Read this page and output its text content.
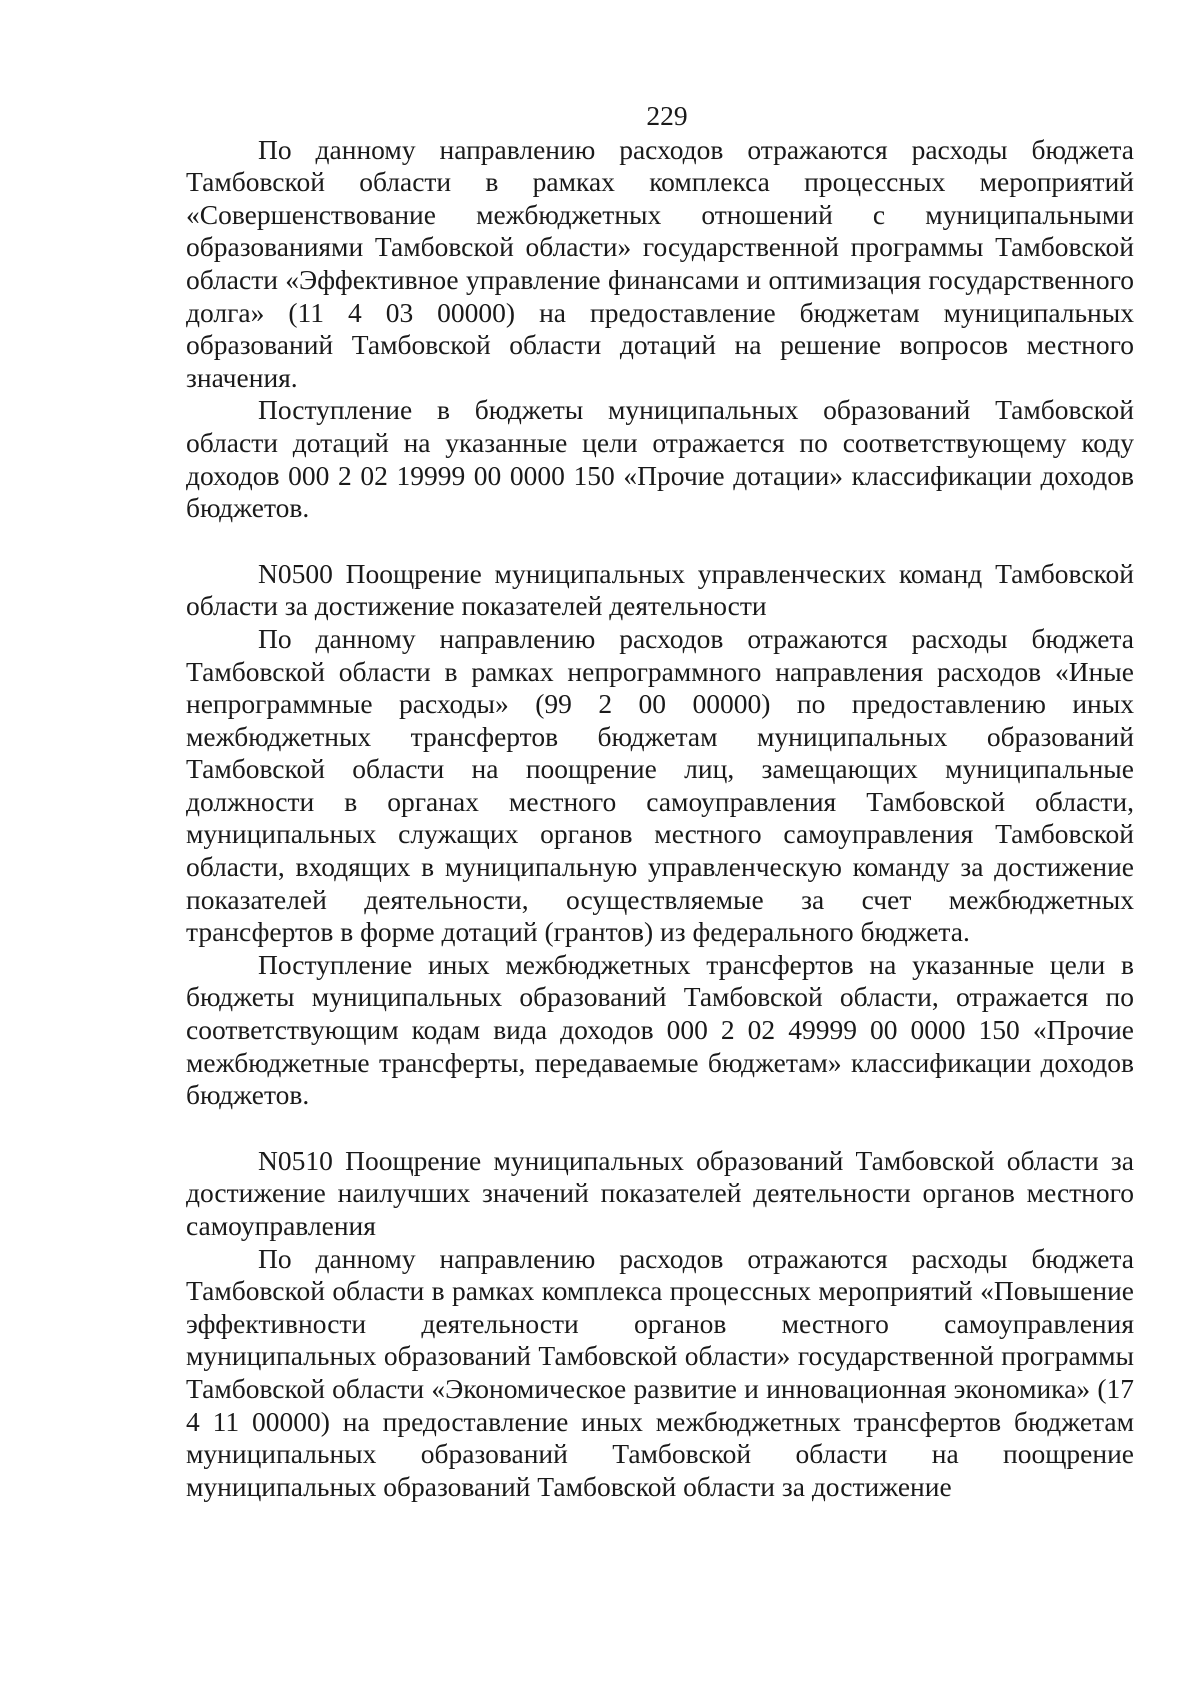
229

По данному направлению расходов отражаются расходы бюджета Тамбовской области в рамках комплекса процессных мероприятий «Совершенствование межбюджетных отношений с муниципальными образованиями Тамбовской области» государственной программы Тамбовской области «Эффективное управление финансами и оптимизация государственного долга» (11 4 03 00000) на предоставление бюджетам муниципальных образований Тамбовской области дотаций на решение вопросов местного значения.

Поступление в бюджеты муниципальных образований Тамбовской области дотаций на указанные цели отражается по соответствующему коду доходов 000 2 02 19999 00 0000 150 «Прочие дотации» классификации доходов бюджетов.

N0500 Поощрение муниципальных управленческих команд Тамбовской области за достижение показателей деятельности

По данному направлению расходов отражаются расходы бюджета Тамбовской области в рамках непрограммного направления расходов «Иные непрограммные расходы» (99 2 00 00000) по предоставлению иных межбюджетных трансфертов бюджетам муниципальных образований Тамбовской области на поощрение лиц, замещающих муниципальные должности в органах местного самоуправления Тамбовской области, муниципальных служащих органов местного самоуправления Тамбовской области, входящих в муниципальную управленческую команду за достижение показателей деятельности, осуществляемые за счет межбюджетных трансфертов в форме дотаций (грантов) из федерального бюджета.

Поступление иных межбюджетных трансфертов на указанные цели в бюджеты муниципальных образований Тамбовской области, отражается по соответствующим кодам вида доходов 000 2 02 49999 00 0000 150 «Прочие межбюджетные трансферты, передаваемые бюджетам» классификации доходов бюджетов.

N0510 Поощрение муниципальных образований Тамбовской области за достижение наилучших значений показателей деятельности органов местного самоуправления

По данному направлению расходов отражаются расходы бюджета Тамбовской области в рамках комплекса процессных мероприятий «Повышение эффективности деятельности органов местного самоуправления муниципальных образований Тамбовской области» государственной программы Тамбовской области «Экономическое развитие и инновационная экономика» (17 4 11 00000) на предоставление иных межбюджетных трансфертов бюджетам муниципальных образований Тамбовской области на поощрение муниципальных образований Тамбовской области за достижение
